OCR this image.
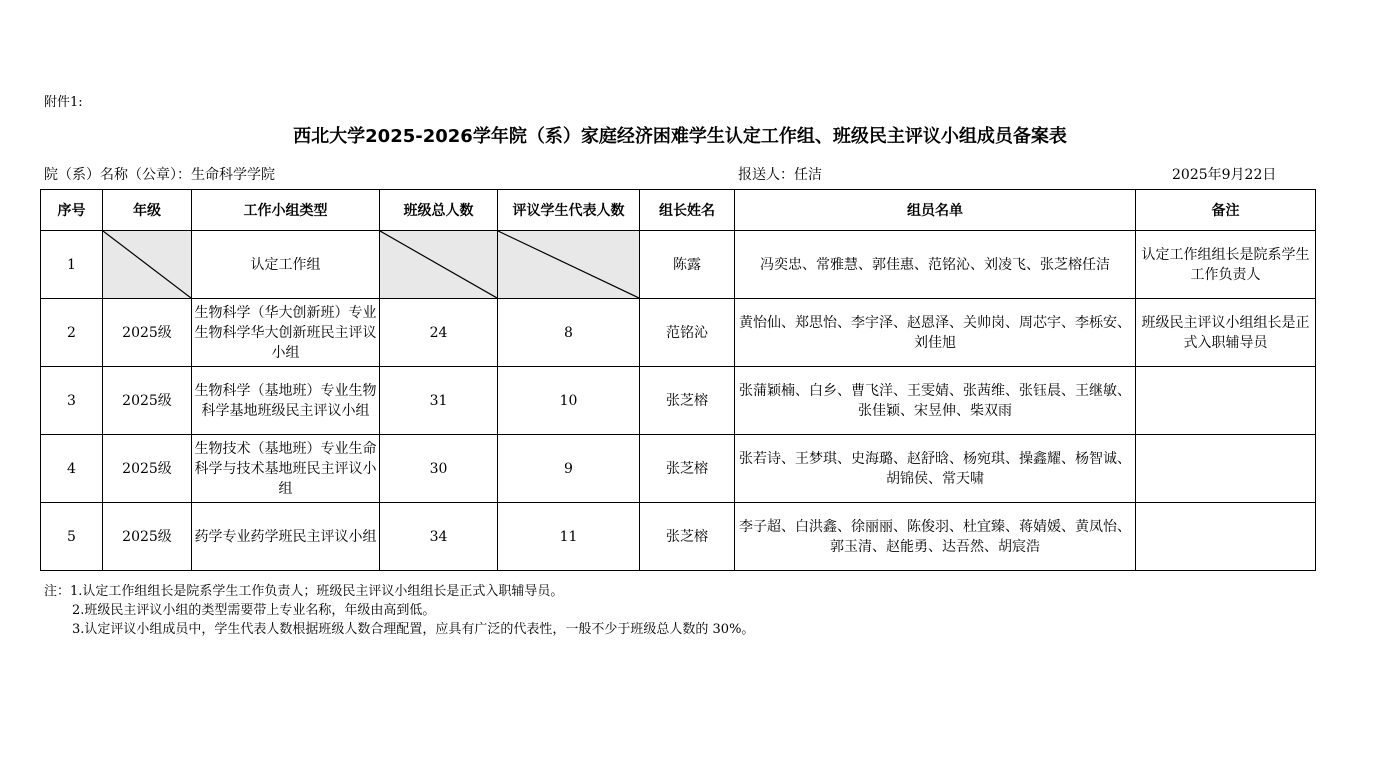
附件1:
西北大学2025-2026学年院（系）家庭经济困难学生认定工作组、班级民主评议小组成员备案表
院（系）名称（公章）：生命科学学院	报送人：任洁	2025年9月22日
序号	年级	工作小组类型	班级总人数	评议学生代表人数	组长姓名	组员名单	备注
1		认定工作组			陈露	冯奕忠、常雅慧、郭佳惠、范铭沁、刘凌飞、张芝榕任洁	认定工作组组长是院系学生工作负责人
2	2025级	生物科学（华大创新班）专业生物科学华大创新班民主评议小组	24	8	范铭沁	黄怡仙、郑思怡、李宇泽、赵恩泽、关帅岗、周芯宇、李栎安、刘佳旭	班级民主评议小组组长是正式入职辅导员
3	2025级	生物科学（基地班）专业生物科学基地班级民主评议小组	31	10	张芝榕	张蒲颖楠、白乡、曹飞洋、王雯婧、张茜维、张钰晨、王继敏、张佳颖、宋昱伸、柴双雨	
4	2025级	生物技术（基地班）专业生命科学与技术基地班民主评议小组	30	9	张芝榕	张若诗、王梦琪、史海璐、赵舒晗、杨宛琪、操鑫耀、杨智诚、胡锦侯、常天啸	
5	2025级	药学专业药学班民主评议小组	34	11	张芝榕	李子超、白洪鑫、徐丽丽、陈俊羽、杜宜臻、蒋婧媛、黄凤怡、郭玉清、赵能勇、达吾然、胡宸浩	
注：1.认定工作组组长是院系学生工作负责人；班级民主评议小组组长是正式入职辅导员。
2.班级民主评议小组的类型需要带上专业名称，年级由高到低。
3.认定评议小组成员中，学生代表人数根据班级人数合理配置，应具有广泛的代表性，一般不少于班级总人数的 30%。
